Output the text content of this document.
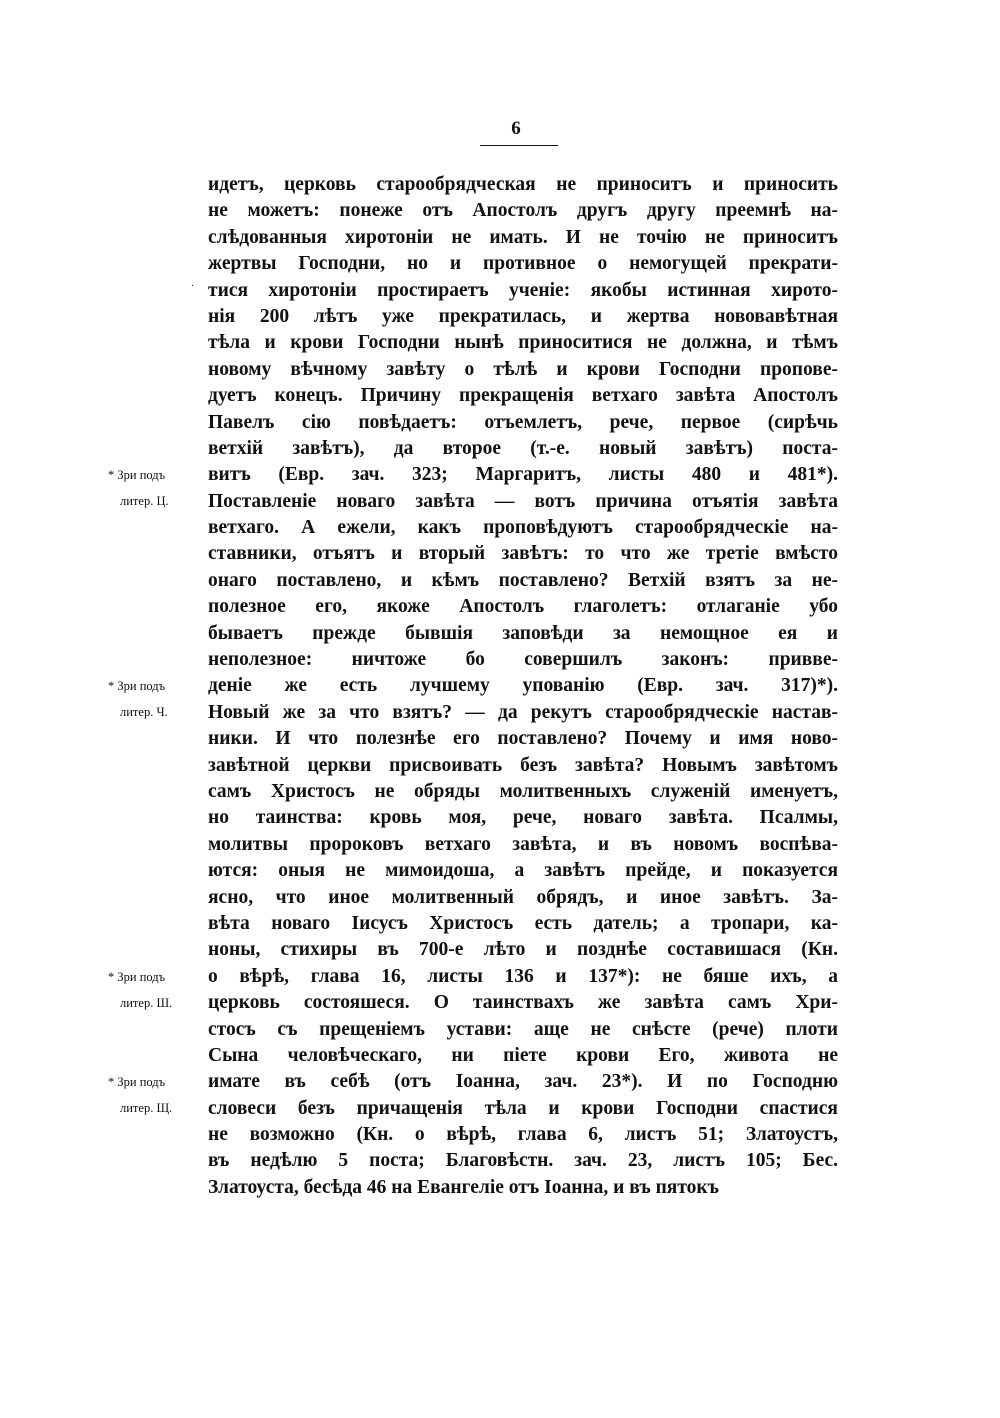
6
·
идетъ, церковь старообрядческая не приноситъ и приносить
не можетъ: понеже отъ Апостолъ другъ другу преемнѣ на-
слѣдованныя хиротоніи не имать. И не точію не приноситъ
жертвы Господни, но и противное о немогущей прекрати-
тися хиротоніи простираетъ ученіе: якобы истинная хирото-
нія 200 лѣтъ уже прекратилась, и жертва нововавѣтная
тѣла и крови Господни нынѣ приноситися не должна, и тѣмъ
новому вѣчному завѣту о тѣлѣ и крови Господни пропове-
дуетъ конецъ. Причину прекращенія ветхаго завѣта Апостолъ
Павелъ сію повѣдаетъ: отъемлетъ, рече, первое (сирѣчь
ветхій завѣтъ), да второе (т.-е. новый завѣтъ) поста-
витъ (Евр. зач. 323; Маргаритъ, листы 480 и 481*).
Поставленіе новаго завѣта — вотъ причина отъятія завѣта
ветхаго. А ежели, какъ проповѣдуютъ старообрядческіе на-
ставники, отъятъ и вторый завѣтъ: то что же третіе вмѣсто
онаго поставлено, и кѣмъ поставлено? Ветхій взятъ за не-
полезное его, якоже Апостолъ глаголетъ: отлаганіе убо
бываетъ прежде бывшія заповѣди за немощное ея и
неполезное: ничтоже бо совершилъ законъ: привве-
деніе же есть лучшему упованію (Евр. зач. 317)*).
Новый же за что взятъ? — да рекутъ старообрядческіе настав-
ники. И что полезнѣе его поставлено? Почему и имя ново-
завѣтной церкви присвоивать безъ завѣта? Новымъ завѣтомъ
самъ Христосъ не обряды молитвенныхъ служеній именуетъ,
но таинства: кровь моя, рече, новаго завѣта. Псалмы,
молитвы пророковъ ветхаго завѣта, и въ новомъ воспѣва-
ются: оныя не мимоидоша, а завѣтъ прейде, и показуется
ясно, что иное молитвенный обрядъ, и иное завѣтъ. За-
вѣта новаго Іисусъ Христосъ есть датель; а тропари, ка-
ноны, стихиры въ 700-е лѣто и позднѣе составишася (Кн.
о вѣрѣ, глава 16, листы 136 и 137*): не бяше ихъ, а
церковь состояшеся. О таинствахъ же завѣта самъ Хри-
стосъ съ прещеніемъ устави: аще не снѣсте (рече) плоти
Сына человѣческаго, ни піете крови Его, живота не
имате въ себѣ (отъ Іоанна, зач. 23*). И по Господню
словеси безъ причащенія тѣла и крови Господни спастися
не возможно (Кн. о вѣрѣ, глава 6, листъ 51; Златоустъ,
въ недѣлю 5 поста; Благовѣстн. зач. 23, листъ 105; Бес.
Златоуста, бесѣда 46 на Евангеліе отъ Іоанна, и въ пятокъ
* Зри подъ
литер. Ц.
* Зри подъ
литер. Ч.
* Зри подъ
литер. Ш.
* Зри подъ
литер. Щ.
